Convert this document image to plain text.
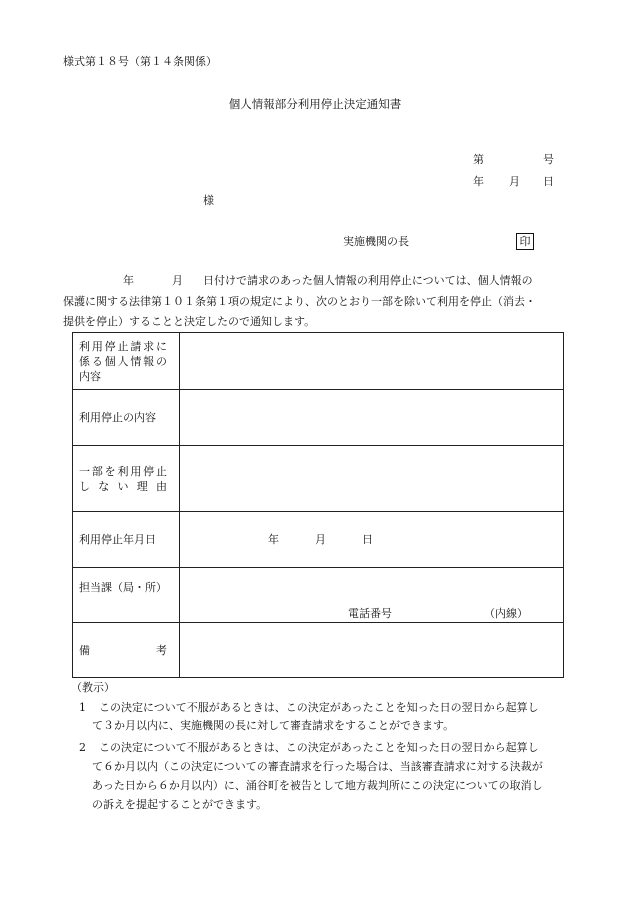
様式第１８号（第１４条関係）
個人情報部分利用停止決定通知書
第	号
年 月 日
様
実施機関の長	印
年	月 日付けで請求のあった個人情報の利用停止については、個人情報の
保護に関する法律第１０１条第１項の規定により、次のとおり一部を除いて利用を停止（消去・
提供を停止）することと決定したので通知します。
利用停止請求に
係る個人情報の
内容	

利用停止の内容	

一部を利用停止
しない理由	

利用停止年月日	年 月 日

担当課（局・所）	電話番号 （内線）

備　考	

（教示）
1 この決定について不服があるときは、この決定があったことを知った日の翌日から起算し
て３か月以内に、実施機関の長に対して審査請求をすることができます。
2 この決定について不服があるときは、この決定があったことを知った日の翌日から起算し
て６か月以内（この決定についての審査請求を行った場合は、当該審査請求に対する決裁が
あった日から６か月以内）に、涌谷町を被告として地方裁判所にこの決定についての取消し
の訴えを提起することができます。
